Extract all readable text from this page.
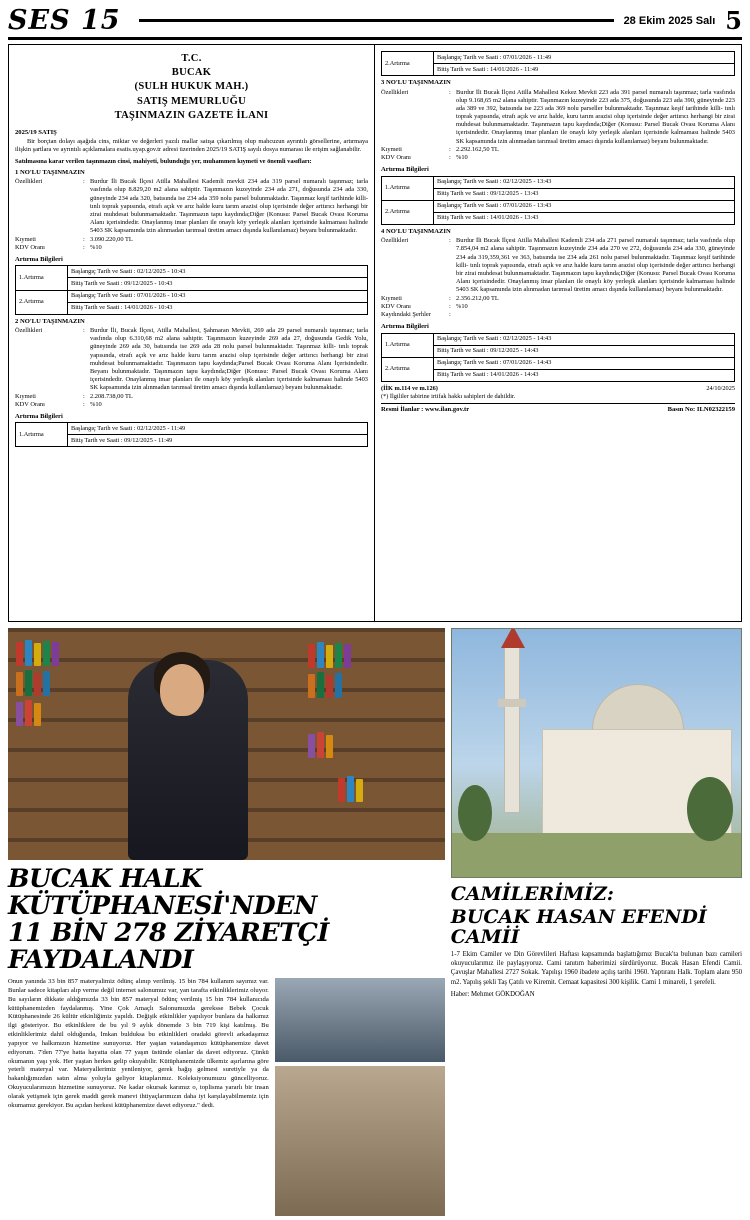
SES 15	28 Ekim 2025 Salı 5
T.C.
BUCAK
(SULH HUKUK MAH.)
SATIŞ MEMURLUĞU
TAŞINMAZIN GAZETE İLANI
2025/19 SATIŞ

Bir borçtan dolayı aşağıda cins, miktar ve değerleri yazılı mallar satışa çıkarılmış olup mahcuzun ayrıntılı görsellerine, artırmaya ilişkin şartlara ve ayrıntılı açıklamalara esatis.uyap.gov.tr adresi üzerinden 2025/19 SATIŞ sayılı dosya numarası ile erişim sağlanabilir.

Satılmasına karar verilen taşınmazın cinsi, mahiyeti, bulunduğu yer, muhammen kıymeti ve önemli vasıfları:

1 NO'LU TAŞINMAZIN
Özellikleri	: Burdur İli Bucak İlçesi Atilla Mahallesi Kademli mevkii 234 ada 319 parsel numaralı taşınmaz; tarla vasfında olup 8.829,20 m2 alana sahiptir. Taşınmazın kuzeyinde 234 ada 271, doğusunda 234 ada 330, güneyinde 234 ada 320, batısında ise 234 ada 359 nolu parsel bulunmaktadır. Taşınmaz keşif tarihinde killi- tınlı toprak yapısında, etrafı açık ve arız halde kuru tarım arazisi olup içerisinde değer arttırıcı herhangi bir zirai muhdesat bulunmamaktadır. Taşınmazın tapu kaydında;Diğer (Konusu: Parsel Bucak Ovası Koruma Alanı içerisindedir. Onaylanmış imar planları ile onaylı köy yerleşik alanları içerisinde kalmaması halinde 5403 SK kapsamında izin alınmadan tarımsal üretim amacı dışında kullanılamaz) beyanı bulunmaktadır.
Kıymeti	: 3.090.220,00 TL
KDV Oranı	: %10
Artırma Bilgileri
1.Artırma	Başlangıç Tarih ve Saati : 02/12/2025 - 10:43
	Bitiş Tarih ve Saati : 09/12/2025 - 10:43
2.Artırma	Başlangıç Tarih ve Saati : 07/01/2026 - 10:43
	Bitiş Tarih ve Saati : 14/01/2026 - 10:43
2 NO'LU TAŞINMAZIN
Özellikleri	: Burdur İli, Bucak İlçesi, Atilla Mahallesi, Şahmaran Mevkii, 269 ada 29 parsel numaralı taşınmaz; tarla vasfında olup 6.310,68 m2 alana sahiptir. Taşınmazın kuzeyinde 269 ada 27, doğusunda Gedik Yolu, güneyinde 269 ada 30, batısında ise 269 ada 28 nolu parsel bulunmaktadır. Taşınmaz killi- tınlı toprak yapısında, etrafı açık ve arız halde kuru tarım arazisi olup içerisinde değer arttırıcı herhangi bir zirai muhdesat bulunmamaktadır. Taşınmazın tapu kaydında;Parsel Bucak Ovası Koruma Alanı İçerisindedir. Beyanı bulunmaktadır. Taşınmazın tapu kaydında;Diğer (Konusu: Parsel Bucak Ovası Koruma Alanı içerisindedir. Onaylanmış imar planları ile onaylı köy yerleşik alanları içerisinde kalmaması halinde 5403 SK kapsamında izin alınmadan tarımsal üretim amacı dışında kullanılamaz) beyanı bulunmaktadır.
Kıymeti	: 2.208.738,00 TL
KDV Oranı	: %10
Artırma Bilgileri
1.Artırma	Başlangıç Tarih ve Saati : 02/12/2025 - 11:49
Bitiş Tarih ve Saati : 09/12/2025 - 11:49
2.Artırma	Başlangıç Tarih ve Saati : 07/01/2026 - 11:49
Bitiş Tarih ve Saati : 14/01/2026 - 11:49
3 NO'LU TAŞINMAZIN
Özellikleri	: Burdur İli Bucak İlçesi Atilla Mahallesi Kekez Mevkii 223 ada 391 parsel numaralı taşınmaz; tarla vasfında olup 9.168,65 m2 alana sahiptir. Taşınmazın kuzeyinde 223 ada 375, doğusunda 223 ada 390, güneyinde 223 ada 389 ve 392, batısında ise 223 ada 369 nolu parseller bulunmaktadır. Taşınmaz keşif tarihinde killi- tınlı toprak yapısında, etrafı açık ve arız halde, kuru tarım arazisi olup içerisinde değer arttırıcı herhangi bir zirai muhdesat bulunmamaktadır. Taşınmazın tapu kaydında;Diğer (Konusu: Parsel Bucak Ovası Koruma Alanı içerisindedir. Onaylanmış imar planları ile onaylı köy yerleşik alanları içerisinde kalmaması halinde 5403 SK kapsamında izin alınmadan tarımsal üretim amacı dışında kullanılamaz) beyanı bulunmaktadır.
Kıymeti	: 2.292.162,50 TL
KDV Oranı	: %10
Artırma Bilgileri
1.Artırma	Başlangıç Tarih ve Saati : 02/12/2025 - 13:43
	Bitiş Tarih ve Saati : 09/12/2025 - 13:43
2.Artırma	Başlangıç Tarih ve Saati : 07/01/2026 - 13:43
	Bitiş Tarih ve Saati : 14/01/2026 - 13:43
4 NO'LU TAŞINMAZIN
Özellikleri	: Burdur İli Bucak İlçesi Atilla Mahallesi Kademli 234 ada 271 parsel numaralı taşınmaz; tarla vasfında olup 7.854,04 m2 alana sahiptir. Taşınmazın kuzeyinde 234 ada 270 ve 272, doğusunda 234 ada 330, güneyinde 234 ada 319,359,361 ve 363, batısında ise 234 ada 261 nolu parsel bulunmaktadır. Taşınmaz keşif tarihinde killi- tınlı toprak yapısında, etrafı açık ve arız halde kuru tarım arazisi olup içerisinde değer arttırıcı herhangi bir zirai muhdesat bulunmamaktadır. Taşınmazın tapu kaydında;Diğer (Konusu: Parsel Bucak Ovası Koruma Alanı içerisindedir. Onaylanmış imar planları ile onaylı köy yerleşik alanları içerisinde kalmaması halinde 5403 SK kapsamında izin alınmadan tarımsal üretim amacı dışında kullanılamaz) beyanı bulunmaktadır.
Kıymeti	: 2.356.212,00 TL
KDV Oranı	: %10
Kaydındaki Şerhler	:
Artırma Bilgileri
1.Artırma	Başlangıç Tarih ve Saati : 02/12/2025 - 14:43
	Bitiş Tarih ve Saati : 09/12/2025 - 14:43
2.Artırma	Başlangıç Tarih ve Saati : 07/01/2026 - 14:43
	Bitiş Tarih ve Saati : 14/01/2026 - 14:43
(İİK m.114 ve m.126)	24/10/2025
(*) İlgililer tabirine irtifak hakkı sahipleri de dahildir.
Resmi İlanlar : www.ilan.gov.tr	Basın No: ILN02322159
BUCAK HALK KÜTÜPHANESİ'NDEN
11 BİN 278 ZİYARETÇİ FAYDALANDI

Onun yanında 33 bin 857 materyalimiz ödünç alınıp verilmiş. 15 bin 784 kullanım sayımız var. Bunlar sadece kitapları alıp verme değil internet salonumuz var, yan tarafta etkinliklerimiz oluyor. Bu sayıların dikkate aldığımızda 33 bin 857 materyal ödünç verilmiş 15 bin 784 kullanıcıda kütüphanemizden faydalanmış. Yine Çok Amaçlı Salonumuzda gereksse Bebek Çocuk Kütüphanesinde 26 kültür etkinliğimiz yapıldı. Değişik etkinlikler yapılıyor bunlara da halkımız ilgi gösteriyor. Bu etkinliklere de bu yıl 9 aylık dönemde 3 bin 719 kişi katılmış. Bu etkinliklerimiz dahil olduğunda, İmkan bulduksa bu etkinlikleri oradaki görevli arkadaşımız yapıyor ve halkımızın hizmetine sunuyoruz. Her yaştan vatandaşımızı kütüphanemize davet ediyorum. 7'den 77'ye hatta hayatta olan 77 yaşın üstünde olanlar da davet ediyoruz. Çünkü okumanın yaşı yok. Her yaştan herkes gelip okuyabilir. Kütüphanemizde ülkemiz aşırlarına göre yeterli materyal var. Materyallerimiz yenileniyor, gerek bağış gelmesi suretiyle ya da bakanlığımızdan satın alma yoluyla geliyor kitaplarımız. Koleksiyonumuzu güncelliyoruz. Okuyucularımızın hizmetine sunuyoruz. Ne kadar okursak karımız o, toplisma yararlı bir insan olarak yetişmek için gerek maddi gerek manevi ihtiyaçlarımızın daha iyi karşılayabilmemiz için okumamız gerekiyor. Bu açıdan herkesi kütüphanemize davet ediyoruz." dedi.

CAMİLERİMİZ:
BUCAK HASAN EFENDİ CAMİİ

1-7 Ekim Camiler ve Din Görevlileri Haftası kapsamında başlattığımız Bucak'ta bulunan bazı camileri okuyucularımız ile paylaşıyoruz. Cami tanıtım haberimizi sürdürüyoruz. Bucak Hasan Efendi Camii. Çavuşlar Mahallesi 2727 Sokak. Yapılışı 1960 ibadete açılış tarihi 1960. Yaptıranı Halk. Toplam alanı 950 m2. Yapılış şekli Taş Çatılı ve Kiremit. Cemaat kapasitesi 300 kişilik. Cami 1 minareli, 1 şerefeli.

Haber: Mehmet GÖKDOĞAN
